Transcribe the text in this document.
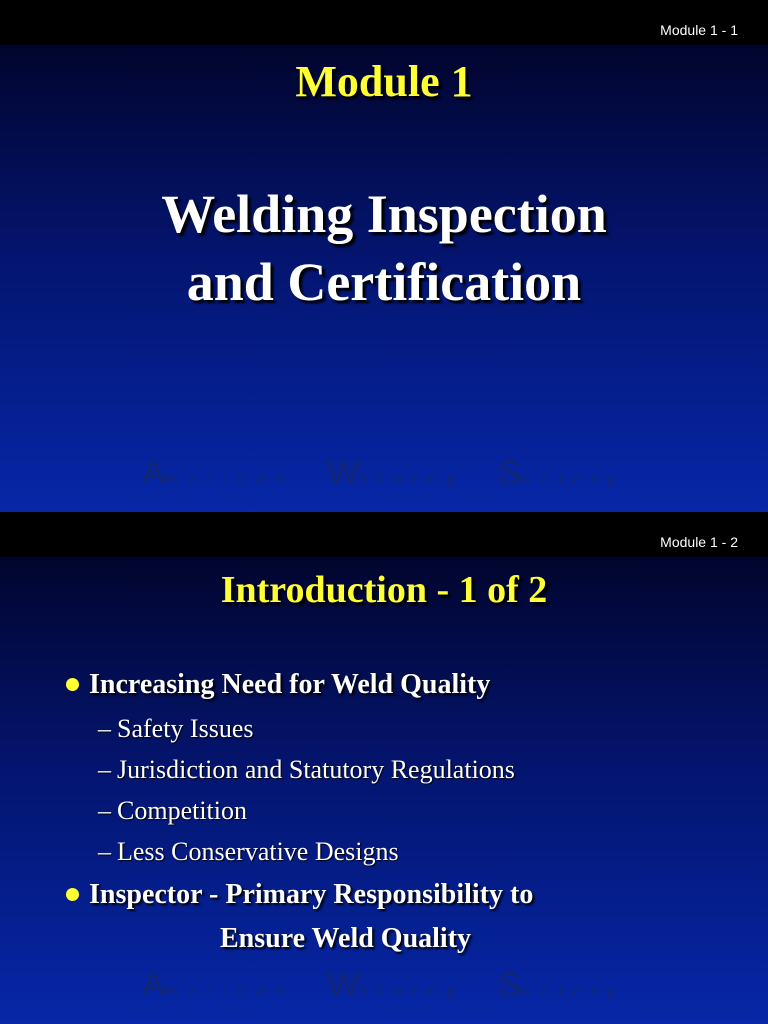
Module 1 - 1
Module 1
Welding Inspection
and Certification
American Welding Society
Module 1 - 2
Introduction - 1 of 2
Increasing Need for Weld Quality
– Safety Issues
– Jurisdiction and Statutory Regulations
– Competition
– Less Conservative Designs
Inspector - Primary Responsibility to
Ensure Weld Quality
American Welding Society
